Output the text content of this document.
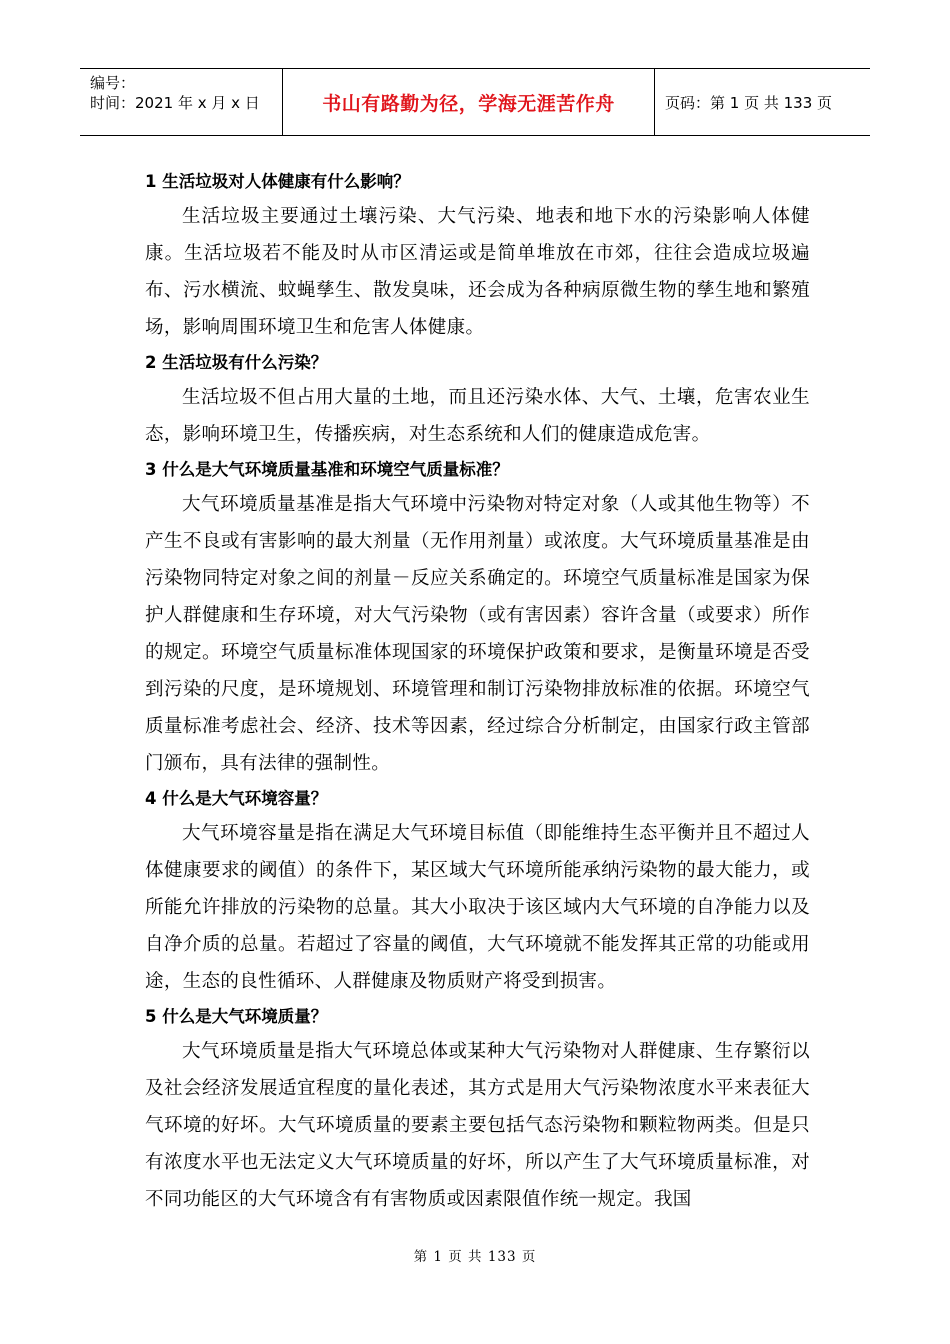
编号：
时间：2021 年 x 月 x 日	书山有路勤为径，学海无涯苦作舟	页码：第 1 页 共 133 页

1 生活垃圾对人体健康有什么影响？

生活垃圾主要通过土壤污染、大气污染、地表和地下水的污染影响人体健康。生活垃圾若不能及时从市区清运或是简单堆放在市郊，往往会造成垃圾遍布、污水横流、蚊蝇孳生、散发臭味，还会成为各种病原微生物的孳生地和繁殖场，影响周围环境卫生和危害人体健康。

2 生活垃圾有什么污染？

生活垃圾不但占用大量的土地，而且还污染水体、大气、土壤，危害农业生态，影响环境卫生，传播疾病，对生态系统和人们的健康造成危害。

3 什么是大气环境质量基准和环境空气质量标准？

大气环境质量基准是指大气环境中污染物对特定对象（人或其他生物等）不产生不良或有害影响的最大剂量（无作用剂量）或浓度。大气环境质量基准是由污染物同特定对象之间的剂量－反应关系确定的。环境空气质量标准是国家为保护人群健康和生存环境，对大气污染物（或有害因素）容许含量（或要求）所作的规定。环境空气质量标准体现国家的环境保护政策和要求，是衡量环境是否受到污染的尺度，是环境规划、环境管理和制订污染物排放标准的依据。环境空气质量标准考虑社会、经济、技术等因素，经过综合分析制定，由国家行政主管部门颁布，具有法律的强制性。

4 什么是大气环境容量？

大气环境容量是指在满足大气环境目标值（即能维持生态平衡并且不超过人体健康要求的阈值）的条件下，某区域大气环境所能承纳污染物的最大能力，或所能允许排放的污染物的总量。其大小取决于该区域内大气环境的自净能力以及自净介质的总量。若超过了容量的阈值，大气环境就不能发挥其正常的功能或用途，生态的良性循环、人群健康及物质财产将受到损害。

5 什么是大气环境质量？

大气环境质量是指大气环境总体或某种大气污染物对人群健康、生存繁衍以及社会经济发展适宜程度的量化表述，其方式是用大气污染物浓度水平来表征大气环境的好坏。大气环境质量的要素主要包括气态污染物和颗粒物两类。但是只有浓度水平也无法定义大气环境质量的好坏，所以产生了大气环境质量标准，对不同功能区的大气环境含有有害物质或因素限值作统一规定。我国

第 1 页 共 133 页
